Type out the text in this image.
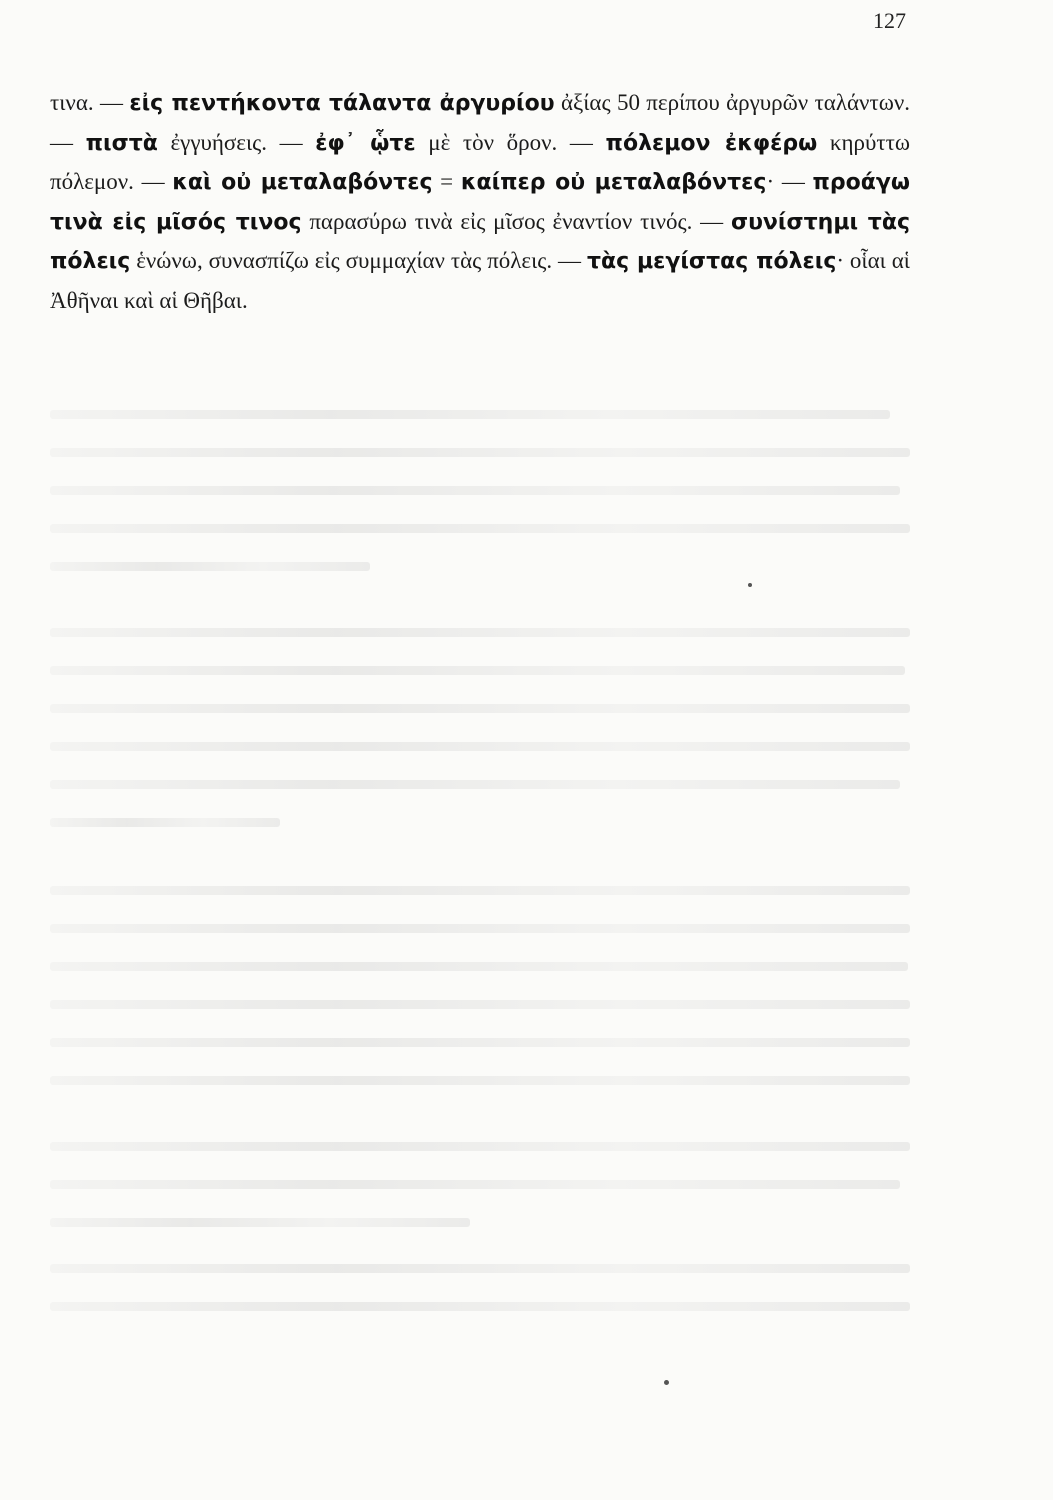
127
τινα. — εἰς πεντήκοντα τάλαντα ἀργυρίου ἀξίας 50 περίπου ἀργυρῶν ταλάντων. — πιστὰ ἐγγυήσεις. — ἐφ᾽ ᾧτε μὲ τὸν ὅρον. — πόλεμον ἐκφέρω κηρύττω πόλεμον. — καὶ οὐ μεταλαβόντες = καίπερ οὐ μεταλαβόντες· — προάγω τινὰ εἰς μῖσός τινος παρασύρω τινὰ εἰς μῖσος ἐναντίον τινός. — συνίστημι τὰς πόλεις ἑνώνω, συνασπίζω εἰς συμμαχίαν τὰς πόλεις. — τὰς μεγίστας πόλεις· οἷαι αἱ Ἀθῆναι καὶ αἱ Θῆβαι.
